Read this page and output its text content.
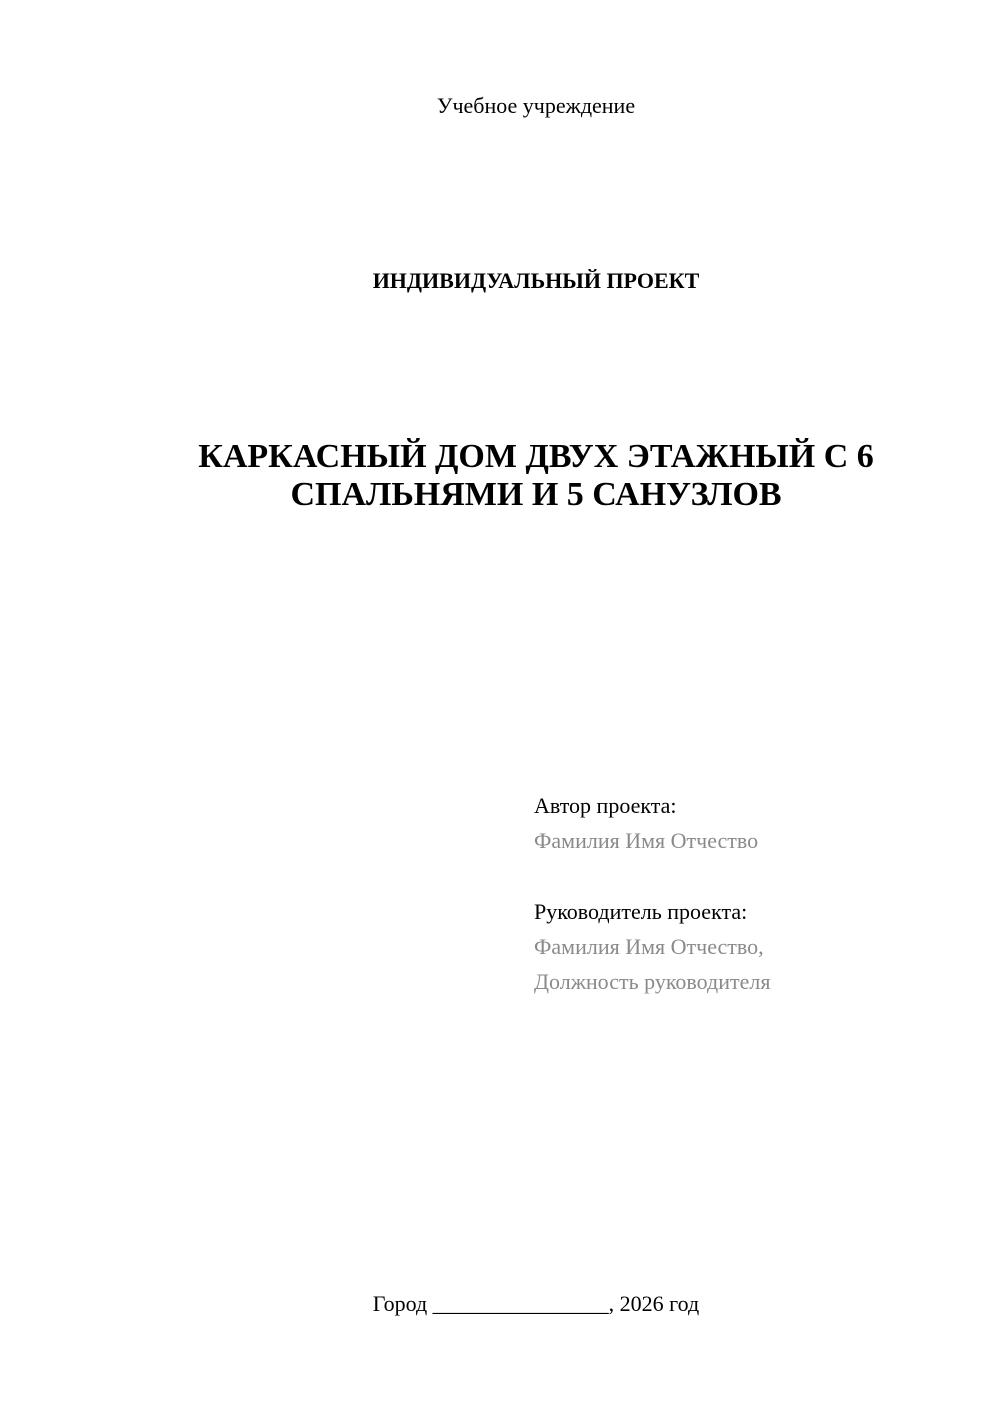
Учебное учреждение
ИНДИВИДУАЛЬНЫЙ ПРОЕКТ
КАРКАСНЫЙ ДОМ ДВУХ ЭТАЖНЫЙ С 6
СПАЛЬНЯМИ И 5 САНУЗЛОВ
Автор проекта:
Фамилия Имя Отчество
Руководитель проекта:
Фамилия Имя Отчество,
Должность руководителя
Город ________________, 2026 год
